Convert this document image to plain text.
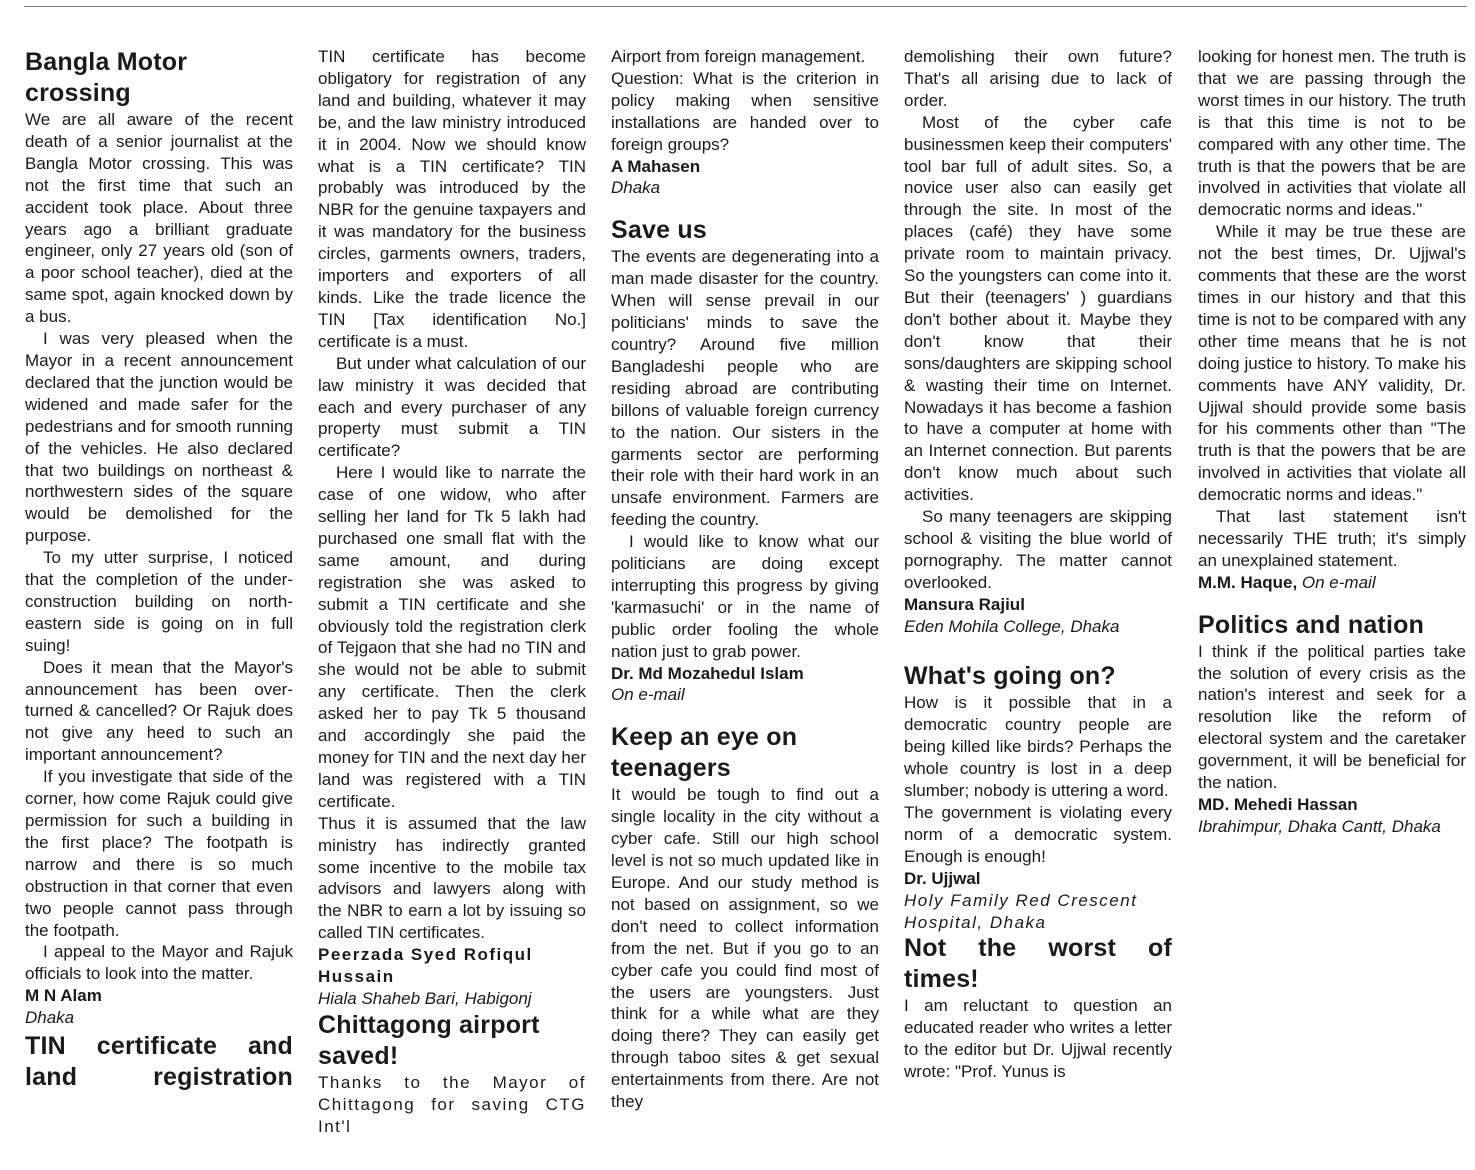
Bangla Motor crossing

We are all aware of the recent death of a senior journalist at the Bangla Motor crossing. This was not the first time that such an accident took place. About three years ago a brilliant graduate engineer, only 27 years old (son of a poor school teacher), died at the same spot, again knocked down by a bus.

I was very pleased when the Mayor in a recent announcement declared that the junction would be widened and made safer for the pedestrians and for smooth running of the vehicles. He also declared that two buildings on northeast & northwestern sides of the square would be demolished for the purpose.

To my utter surprise, I noticed that the completion of the under-construction building on north-eastern side is going on in full suing!

Does it mean that the Mayor's announcement has been over-turned & cancelled? Or Rajuk does not give any heed to such an important announcement?

If you investigate that side of the corner, how come Rajuk could give permission for such a building in the first place? The footpath is narrow and there is so much obstruction in that corner that even two people cannot pass through the footpath.

I appeal to the Mayor and Rajuk officials to look into the matter.

M N Alam
Dhaka
TIN certificate and land registration

TIN certificate has become obligatory for registration of any land and building, whatever it may be, and the law ministry introduced it in 2004. Now we should know what is a TIN certificate? TIN probably was introduced by the NBR for the genuine taxpayers and it was mandatory for the business circles, garments owners, traders, importers and exporters of all kinds. Like the trade licence the TIN [Tax identification No.] certificate is a must.

But under what calculation of our law ministry it was decided that each and every purchaser of any property must submit a TIN certificate?

Here I would like to narrate the case of one widow, who after selling her land for Tk 5 lakh had purchased one small flat with the same amount, and during registration she was asked to submit a TIN certificate and she obviously told the registration clerk of Tejgaon that she had no TIN and she would not be able to submit any certificate. Then the clerk asked her to pay Tk 5 thousand and accordingly she paid the money for TIN and the next day her land was registered with a TIN certificate.

Thus it is assumed that the law ministry has indirectly granted some incentive to the mobile tax advisors and lawyers along with the NBR to earn a lot by issuing so called TIN certificates.

Peerzada Syed Rofiqul Hussain
Hiala Shaheb Bari, Habigonj
Chittagong airport saved!

Thanks to the Mayor of Chittagong for saving CTG Int'l

Airport from foreign management.

Question: What is the criterion in policy making when sensitive installations are handed over to foreign groups?

A Mahasen
Dhaka
Save us

The events are degenerating into a man made disaster for the country. When will sense prevail in our politicians' minds to save the country? Around five million Bangladeshi people who are residing abroad are contributing billons of valuable foreign currency to the nation. Our sisters in the garments sector are performing their role with their hard work in an unsafe environment. Farmers are feeding the country.

I would like to know what our politicians are doing except interrupting this progress by giving 'karmasuchi' or in the name of public order fooling the whole nation just to grab power.

Dr. Md Mozahedul Islam
On e-mail
Keep an eye on teenagers

It would be tough to find out a single locality in the city without a cyber cafe. Still our high school level is not so much updated like in Europe. And our study method is not based on assignment, so we don't need to collect information from the net. But if you go to an cyber cafe you could find most of the users are youngsters. Just think for a while what are they doing there? They can easily get through taboo sites & get sexual entertainments from there. Are not they

demolishing their own future? That's all arising due to lack of order.

Most of the cyber cafe businessmen keep their computers' tool bar full of adult sites. So, a novice user also can easily get through the site. In most of the places (café) they have some private room to maintain privacy. So the youngsters can come into it. But their (teenagers' ) guardians don't bother about it. Maybe they don't know that their sons/daughters are skipping school & wasting their time on Internet. Nowadays it has become a fashion to have a computer at home with an Internet connection. But parents don't know much about such activities.

So many teenagers are skipping school & visiting the blue world of pornography. The matter cannot overlooked.

Mansura Rajiul
Eden Mohila College, Dhaka
What's going on?

How is it possible that in a democratic country people are being killed like birds? Perhaps the whole country is lost in a deep slumber; nobody is uttering a word.

The government is violating every norm of a democratic system. Enough is enough!

Dr. Ujjwal
Holy Family Red Crescent Hospital, Dhaka
Not the worst of times!

I am reluctant to question an educated reader who writes a letter to the editor but Dr. Ujjwal recently wrote: "Prof. Yunus is

looking for honest men. The truth is that we are passing through the worst times in our history. The truth is that this time is not to be compared with any other time. The truth is that the powers that be are involved in activities that violate all democratic norms and ideas."

While it may be true these are not the best times, Dr. Ujjwal's comments that these are the worst times in our history and that this time is not to be compared with any other time means that he is not doing justice to history. To make his comments have ANY validity, Dr. Ujjwal should provide some basis for his comments other than "The truth is that the powers that be are involved in activities that violate all democratic norms and ideas."

That last statement isn't necessarily THE truth; it's simply an unexplained statement.

M.M. Haque, On e-mail
Politics and nation

I think if the political parties take the solution of every crisis as the nation's interest and seek for a resolution like the reform of electoral system and the caretaker government, it will be beneficial for the nation.

MD. Mehedi Hassan
Ibrahimpur, Dhaka Cantt, Dhaka
